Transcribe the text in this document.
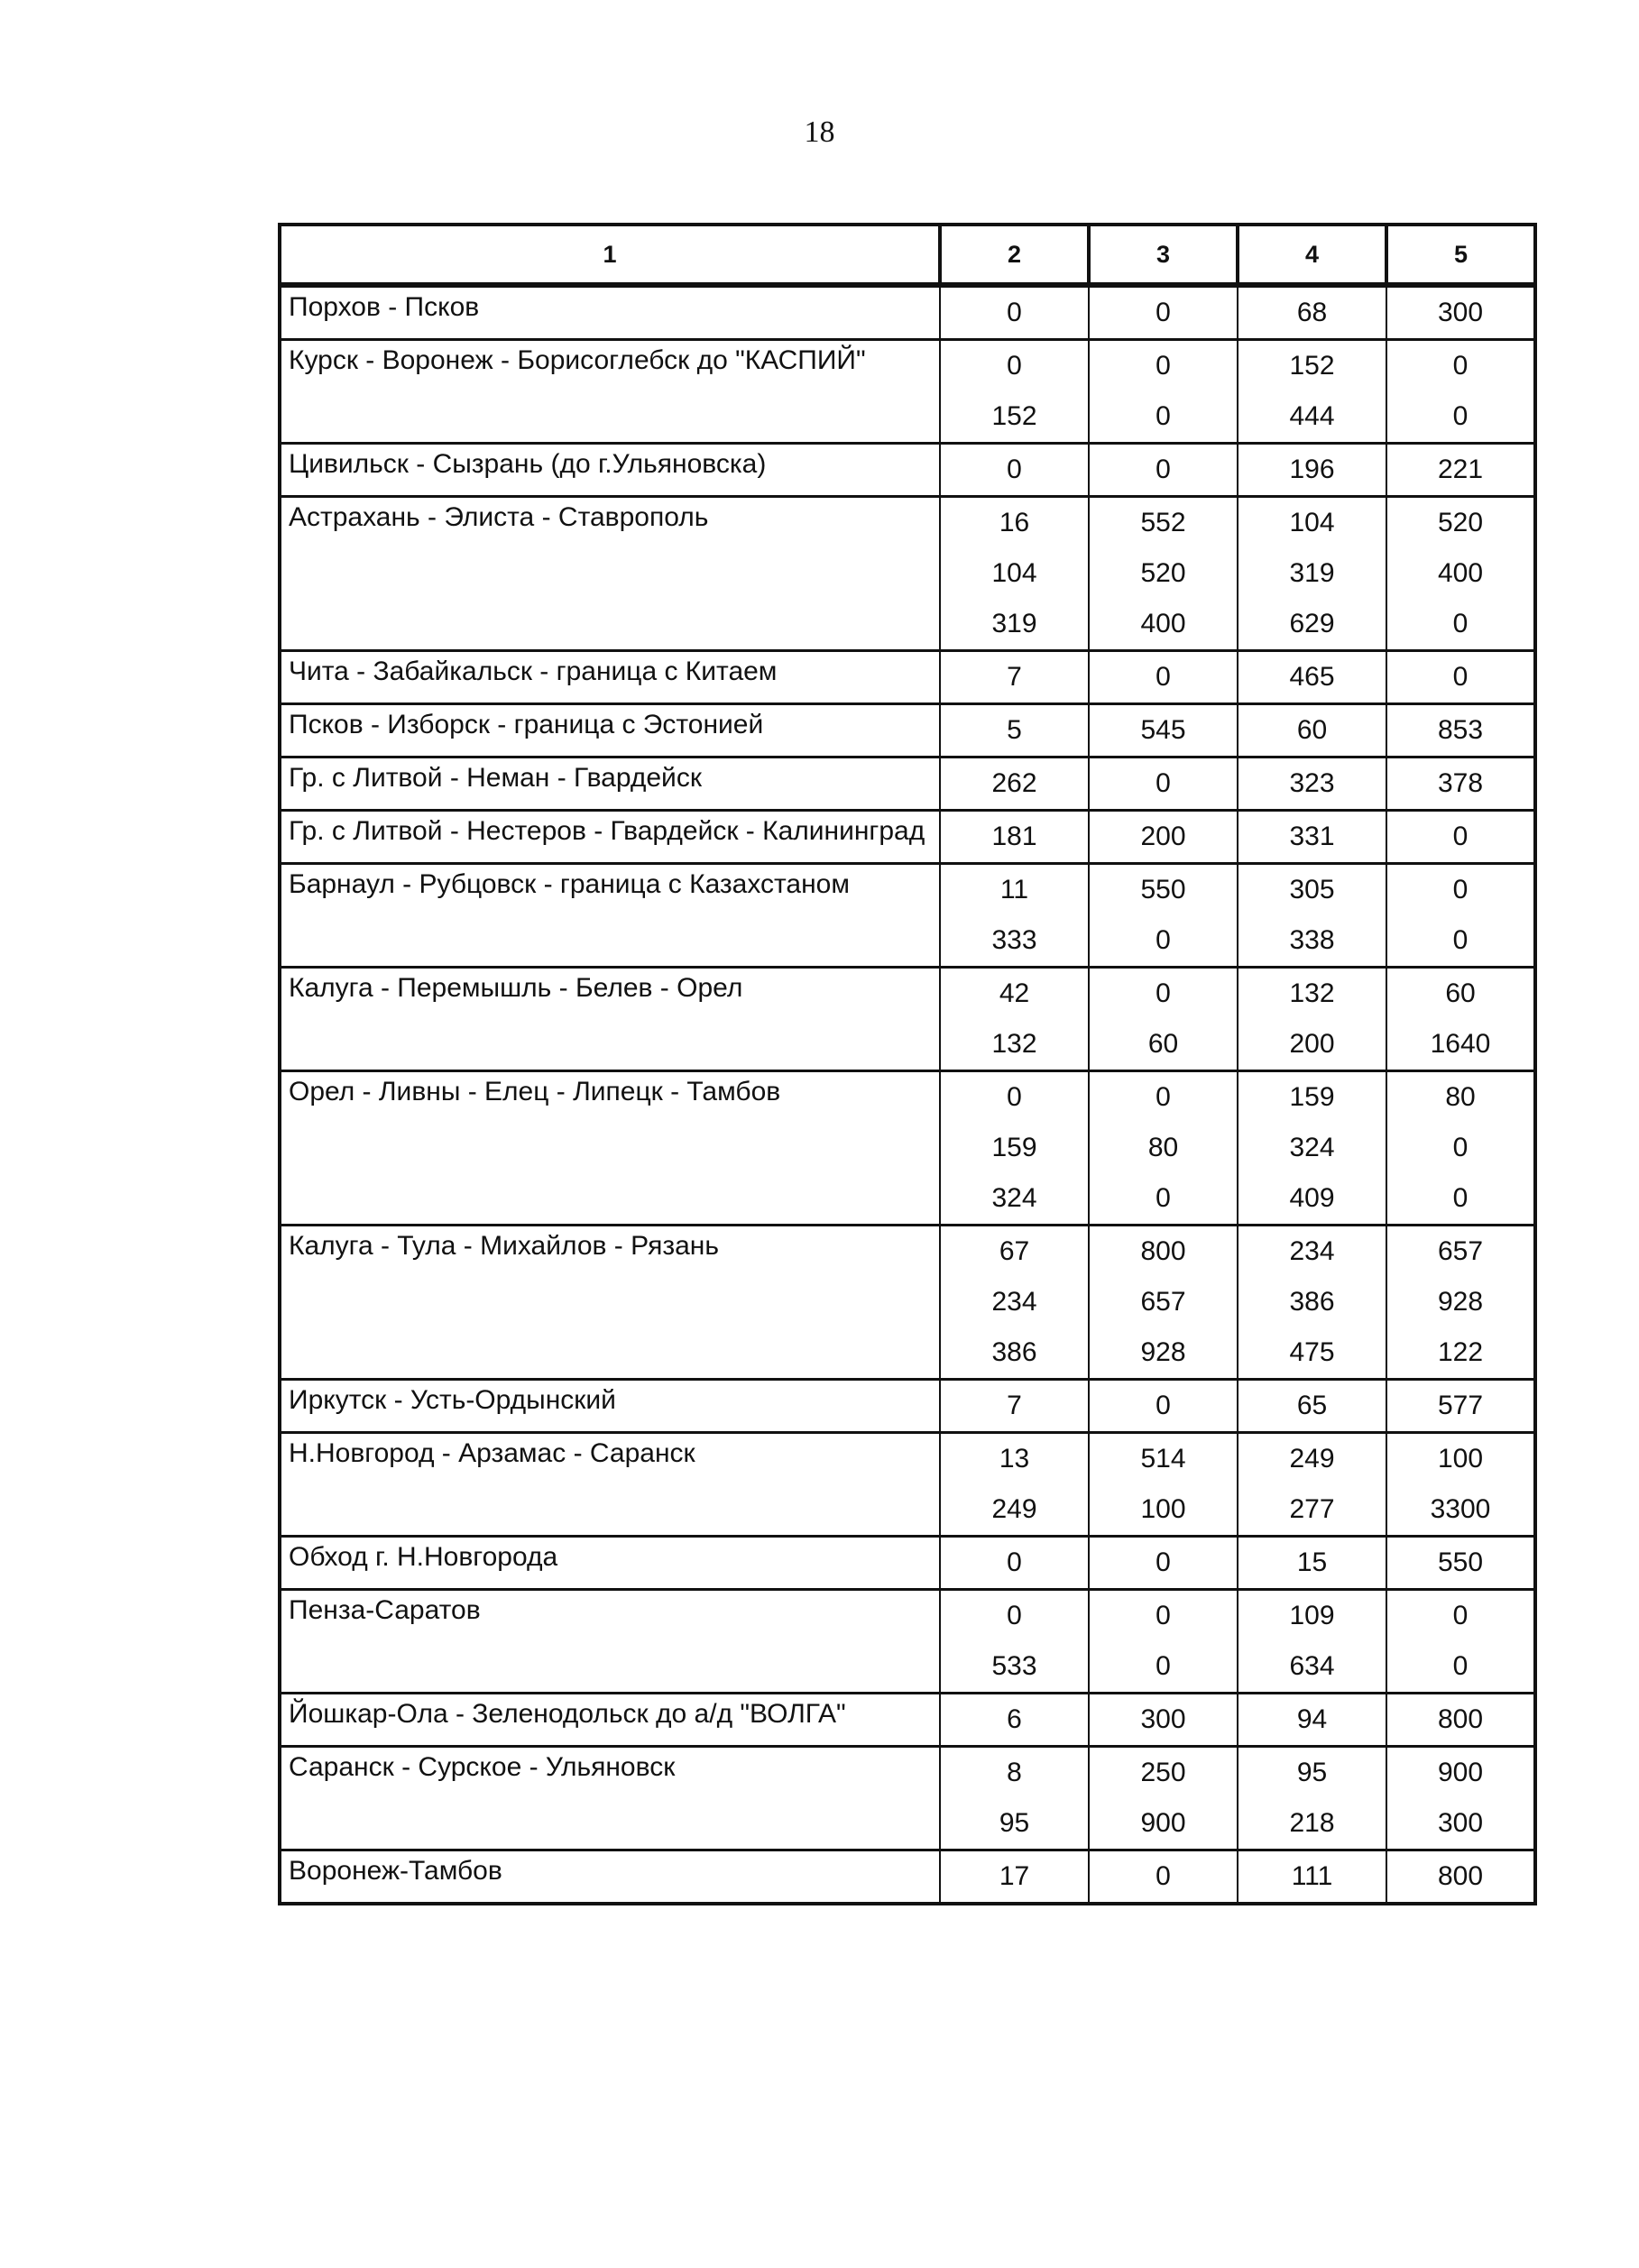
18
1	2	3	4	5
Порхов - Псков	0	0	68	300
Курск - Воронеж - Борисоглебск до "КАСПИЙ"	0	0	152	0
	152	0	444	0
Цивильск - Сызрань (до г.Ульяновска)	0	0	196	221
Астрахань - Элиста - Ставрополь	16	552	104	520
	104	520	319	400
	319	400	629	0
Чита - Забайкальск - граница с Китаем	7	0	465	0
Псков - Изборск - граница с Эстонией	5	545	60	853
Гр. с Литвой - Неман - Гвардейск	262	0	323	378
Гр. с Литвой - Нестеров - Гвардейск - Калининград	181	200	331	0
Барнаул - Рубцовск - граница с Казахстаном	11	550	305	0
	333	0	338	0
Калуга - Перемышль - Белев - Орел	42	0	132	60
	132	60	200	1640
Орел - Ливны - Елец - Липецк - Тамбов	0	0	159	80
	159	80	324	0
	324	0	409	0
Калуга - Тула - Михайлов - Рязань	67	800	234	657
	234	657	386	928
	386	928	475	122
Иркутск - Усть-Ордынский	7	0	65	577
Н.Новгород - Арзамас - Саранск	13	514	249	100
	249	100	277	3300
Обход г. Н.Новгорода	0	0	15	550
Пенза-Саратов	0	0	109	0
	533	0	634	0
Йошкар-Ола - Зеленодольск до а/д "ВОЛГА"	6	300	94	800
Саранск - Сурское - Ульяновск	8	250	95	900
	95	900	218	300
Воронеж-Тамбов	17	0	111	800
